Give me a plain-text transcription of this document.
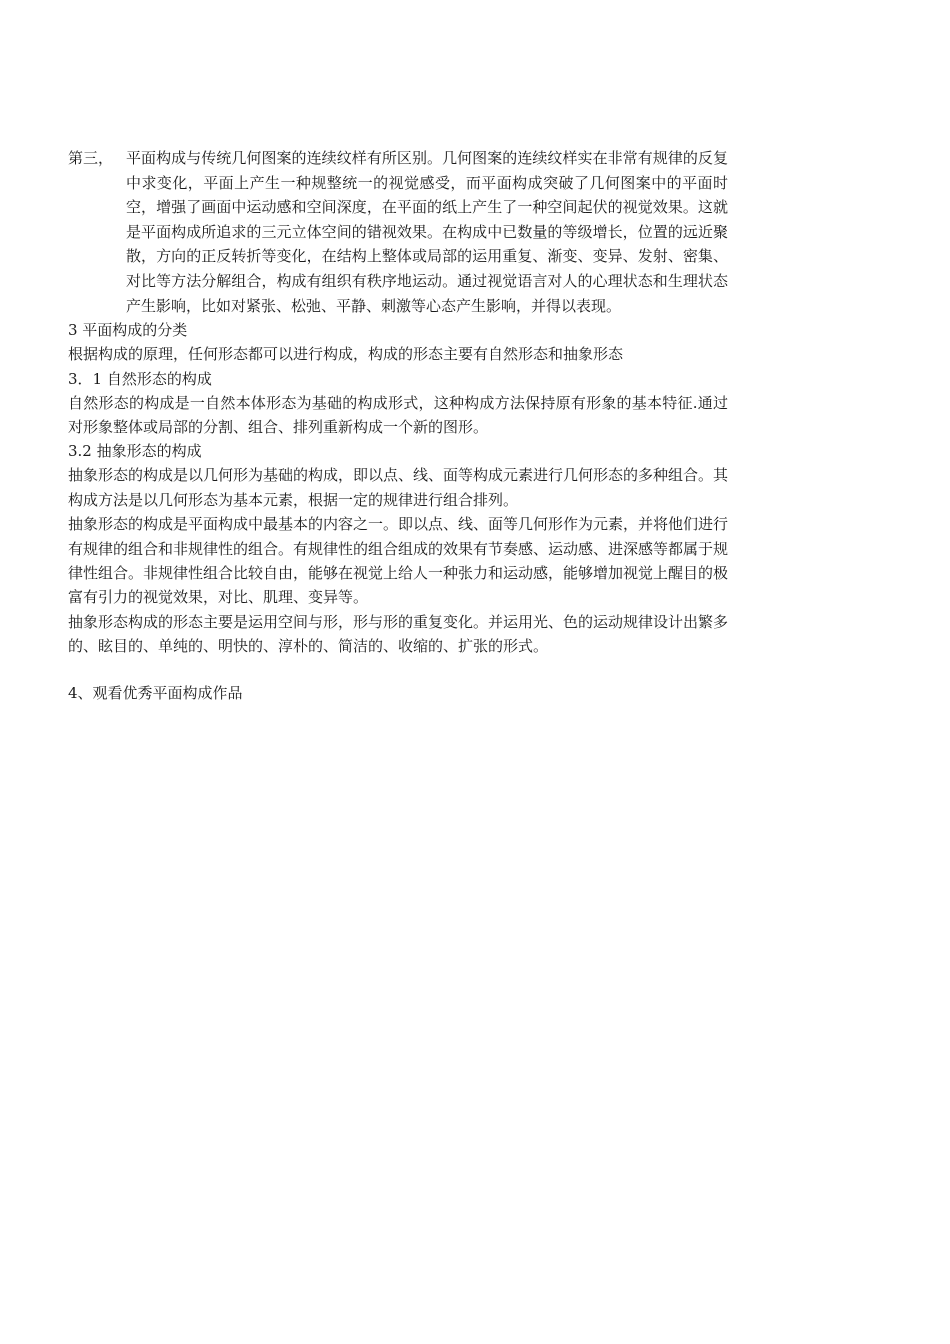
第三， 平面构成与传统几何图案的连续纹样有所区别。几何图案的连续纹样实在非常有规律的反复中求变化，平面上产生一种规整统一的视觉感受，而平面构成突破了几何图案中的平面时空，增强了画面中运动感和空间深度，在平面的纸上产生了一种空间起伏的视觉效果。这就是平面构成所追求的三元立体空间的错视效果。在构成中已数量的等级增长，位置的远近聚散，方向的正反转折等变化，在结构上整体或局部的运用重复、渐变、变异、发射、密集、对比等方法分解组合，构成有组织有秩序地运动。通过视觉语言对人的心理状态和生理状态产生影响，比如对紧张、松弛、平静、刺激等心态产生影响，并得以表现。
3 平面构成的分类
根据构成的原理，任何形态都可以进行构成，构成的形态主要有自然形态和抽象形态
3．1 自然形态的构成
自然形态的构成是一自然本体形态为基础的构成形式，这种构成方法保持原有形象的基本特征.通过对形象整体或局部的分割、组合、排列重新构成一个新的图形。
3.2 抽象形态的构成
抽象形态的构成是以几何形为基础的构成，即以点、线、面等构成元素进行几何形态的多种组合。其构成方法是以几何形态为基本元素，根据一定的规律进行组合排列。
抽象形态的构成是平面构成中最基本的内容之一。即以点、线、面等几何形作为元素，并将他们进行有规律的组合和非规律性的组合。有规律性的组合组成的效果有节奏感、运动感、进深感等都属于规律性组合。非规律性组合比较自由，能够在视觉上给人一种张力和运动感，能够增加视觉上醒目的极富有引力的视觉效果，对比、肌理、变异等。
抽象形态构成的形态主要是运用空间与形，形与形的重复变化。并运用光、色的运动规律设计出繁多的、眩目的、单纯的、明快的、淳朴的、简洁的、收缩的、扩张的形式。
4、观看优秀平面构成作品
